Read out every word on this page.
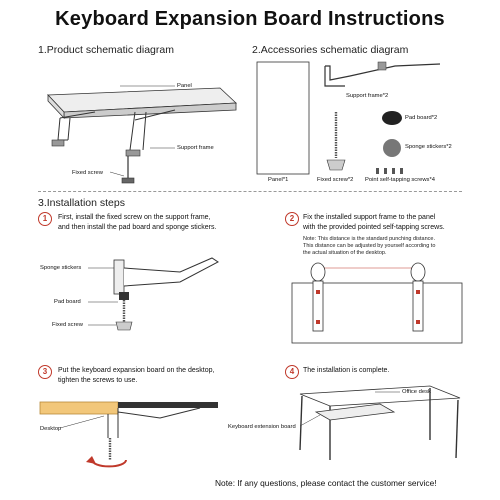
Keyboard Expansion Board Instructions
1.Product schematic diagram
Panel
Support frame
Fixed screw
2.Accessories schematic diagram
Support frame*2
Pad board*2
Sponge stickers*2
Panel*1	Fixed screw*2 Point self-tapping screws*4
3.Installation steps
1	First, install the fixed screw on the support frame,
and then install the pad board and sponge stickers.
Sponge stickers
Pad board
Fixed screw
2	Fix the installed support frame to the panel
with the provided pointed self-tapping screws.
Note: This distance is the standard punching distance.
This distance can be adjusted by yourself according to
the actual situation of the desktop.
3	Put the keyboard expansion board on the desktop,
tighten the screws to use.
Desktop
4	The installation is complete.
Office desk
Keyboard extension board
Note: If any questions, please contact the customer service!
